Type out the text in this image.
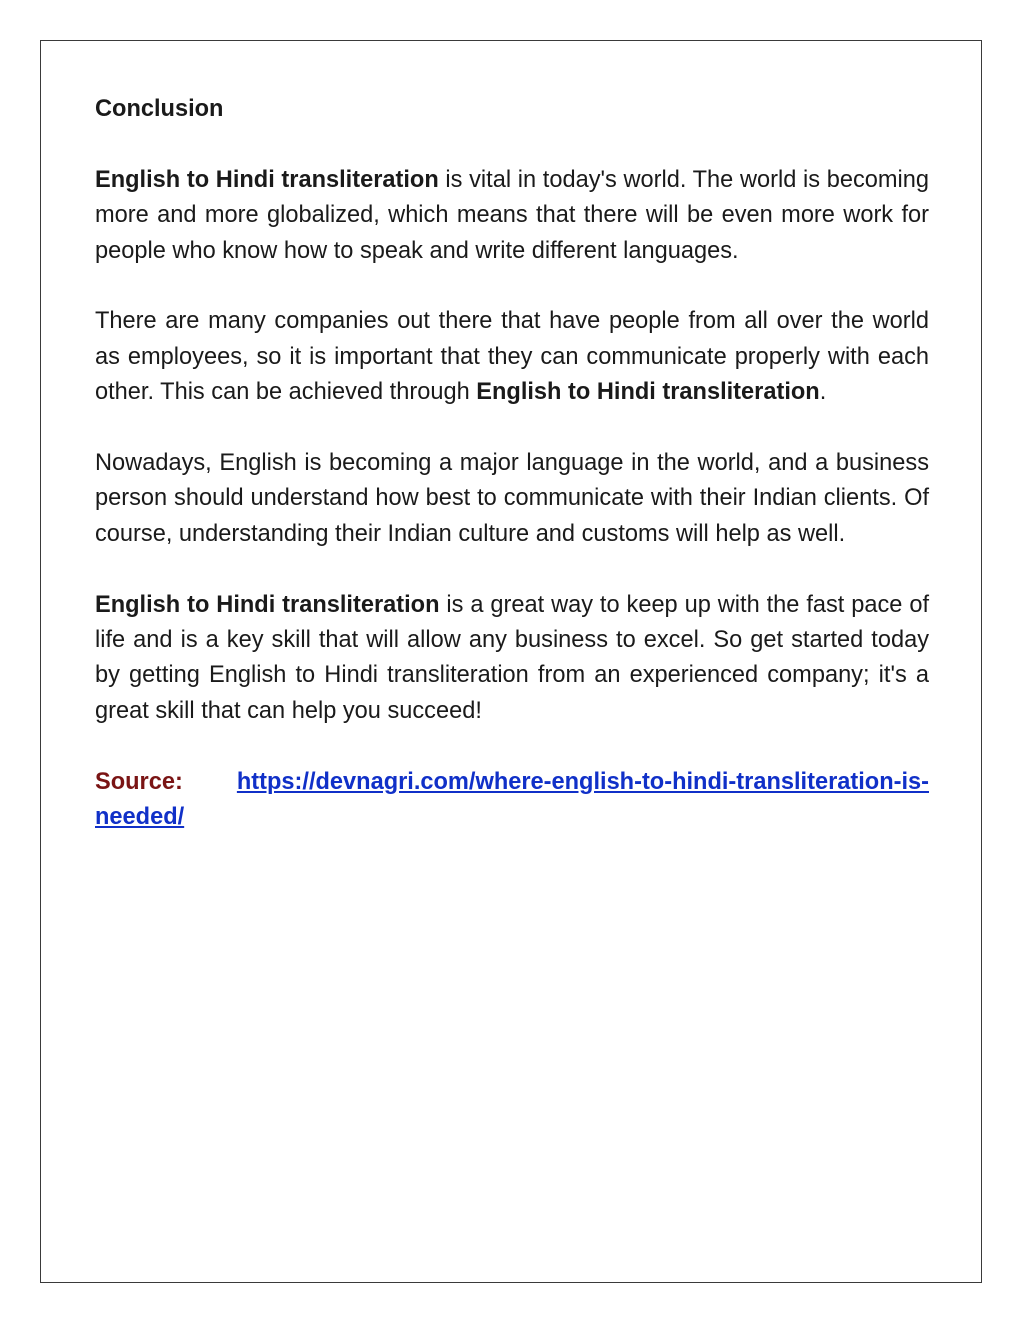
Conclusion

English to Hindi transliteration is vital in today's world. The world is becoming more and more globalized, which means that there will be even more work for people who know how to speak and write different languages.

There are many companies out there that have people from all over the world as employees, so it is important that they can communicate properly with each other. This can be achieved through English to Hindi transliteration.

Nowadays, English is becoming a major language in the world, and a business person should understand how best to communicate with their Indian clients. Of course, understanding their Indian culture and customs will help as well.

English to Hindi transliteration is a great way to keep up with the fast pace of life and is a key skill that will allow any business to excel. So get started today by getting English to Hindi transliteration from an experienced company; it's a great skill that can help you succeed!

Source: https://devnagri.com/where-english-to-hindi-transliteration-is-needed/
